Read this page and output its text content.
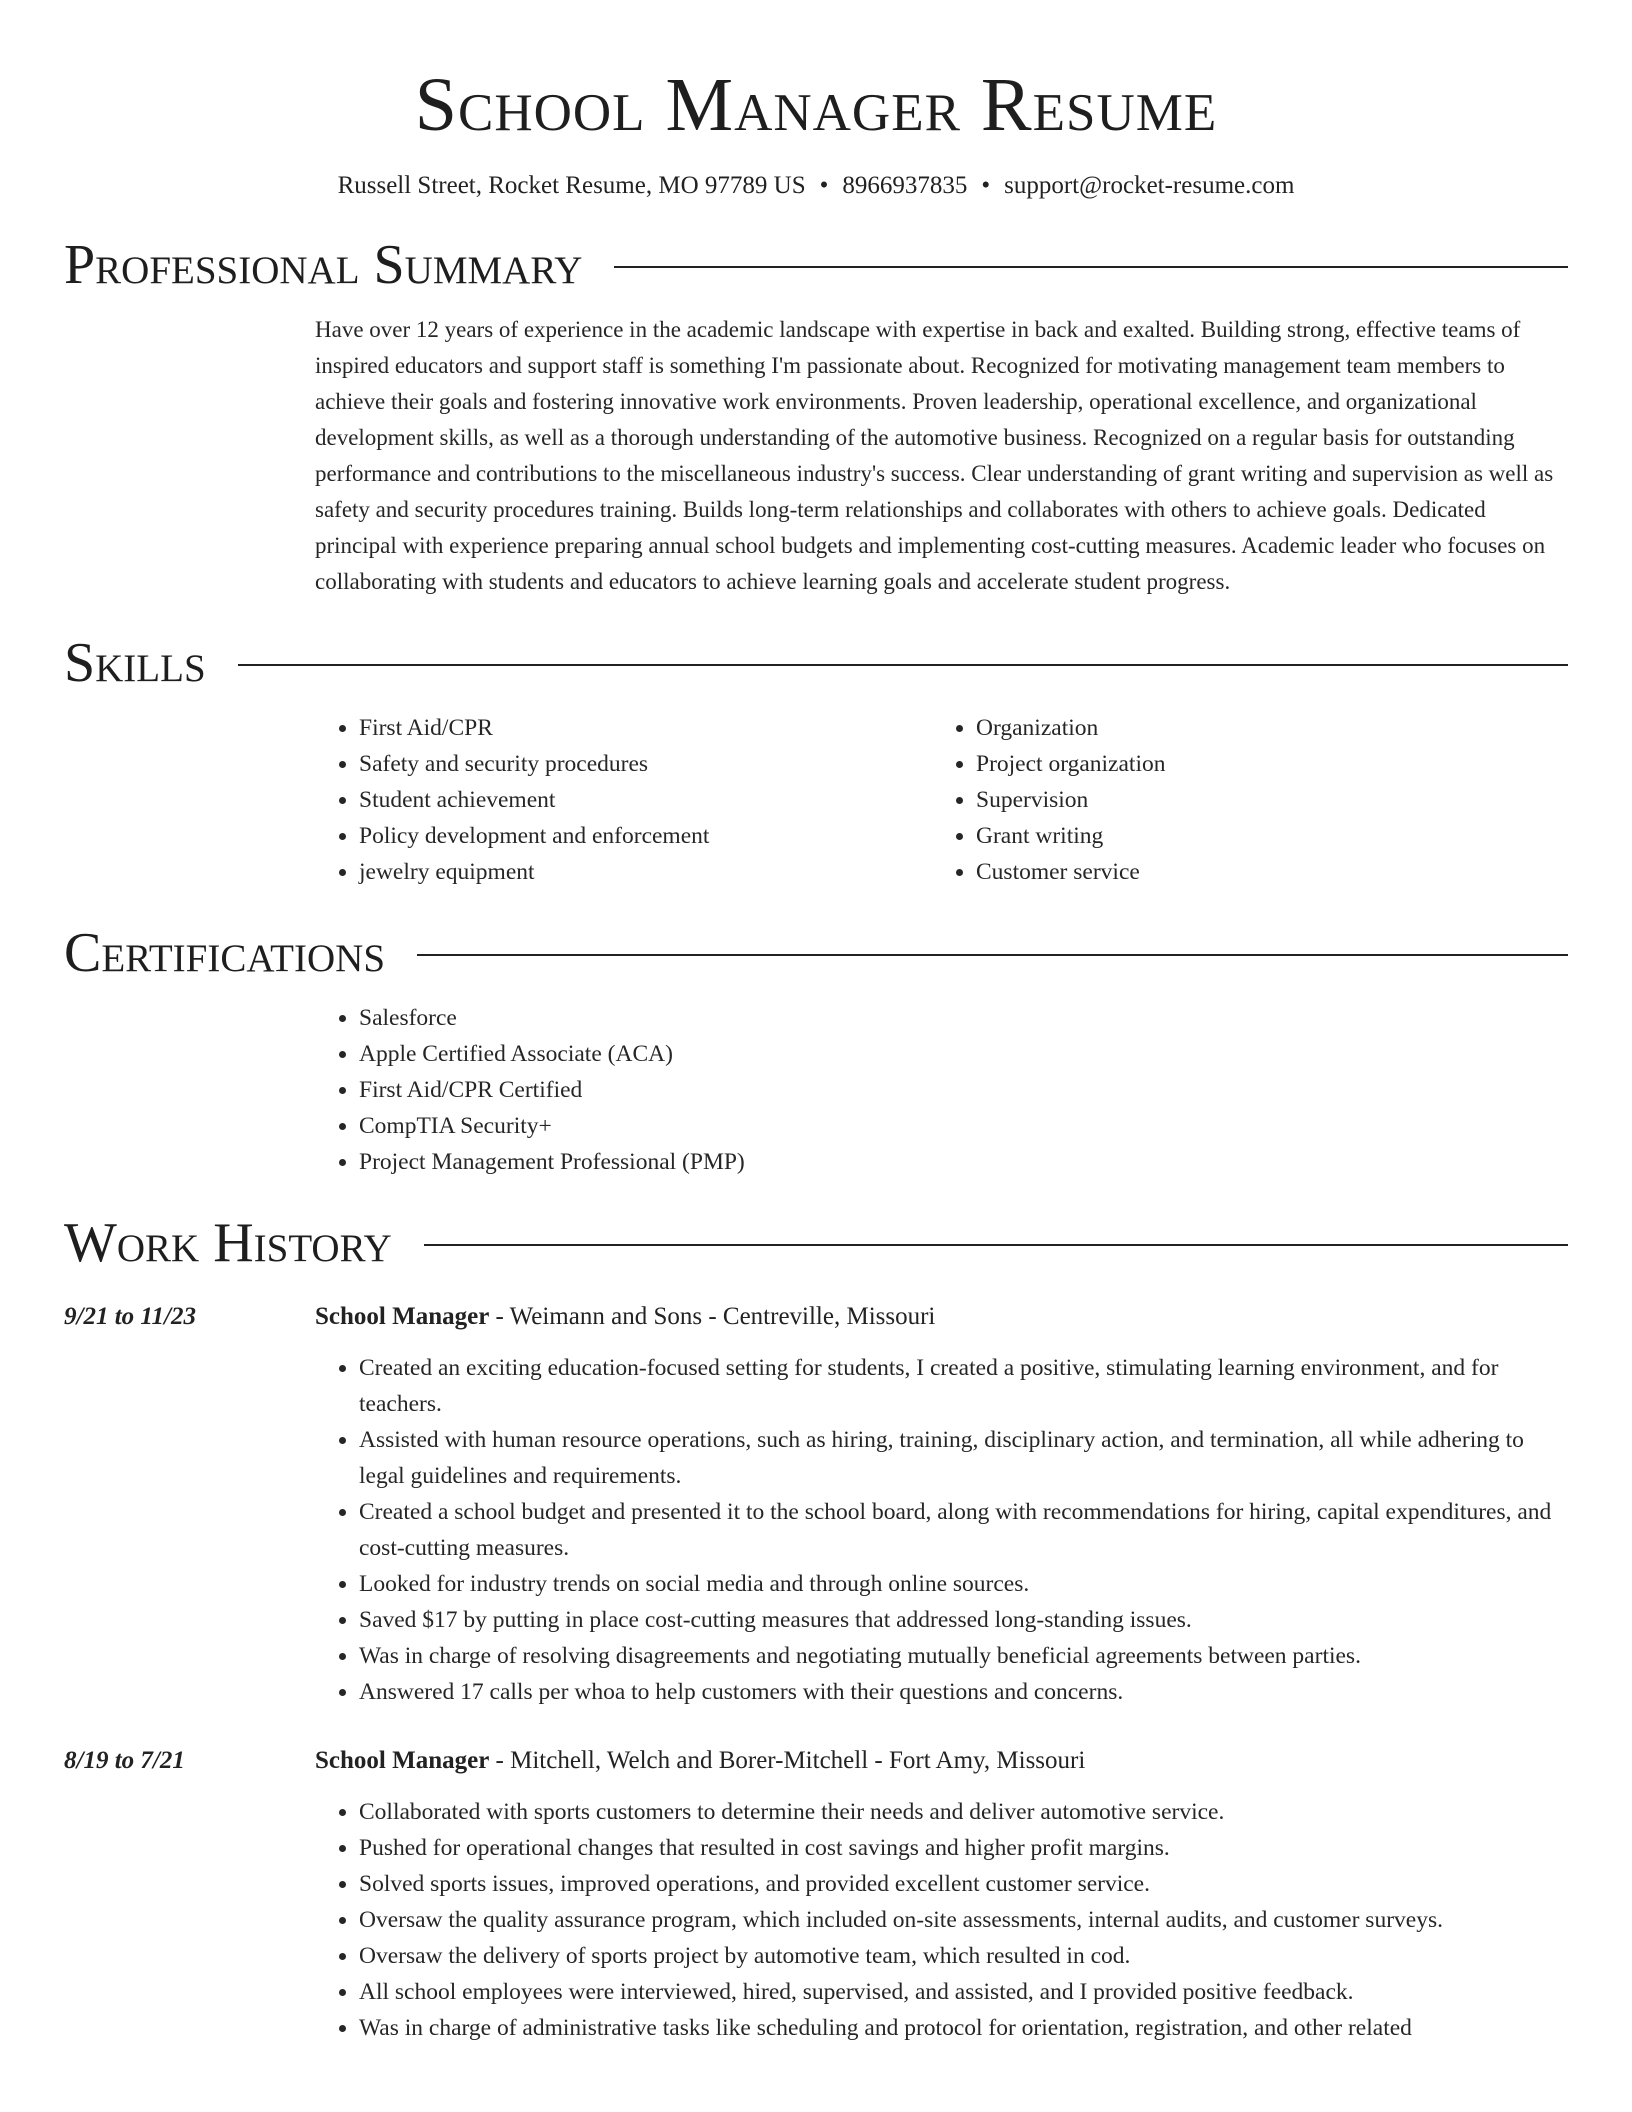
School Manager Resume
Russell Street, Rocket Resume, MO 97789 US • 8966937835 • support@rocket-resume.com
Professional Summary

Have over 12 years of experience in the academic landscape with expertise in back and exalted. Building strong, effective teams of inspired educators and support staff is something I'm passionate about. Recognized for motivating management team members to achieve their goals and fostering innovative work environments. Proven leadership, operational excellence, and organizational development skills, as well as a thorough understanding of the automotive business. Recognized on a regular basis for outstanding performance and contributions to the miscellaneous industry's success. Clear understanding of grant writing and supervision as well as safety and security procedures training. Builds long-term relationships and collaborates with others to achieve goals. Dedicated principal with experience preparing annual school budgets and implementing cost-cutting measures. Academic leader who focuses on collaborating with students and educators to achieve learning goals and accelerate student progress.

Skills
• First Aid/CPR
• Safety and security procedures
• Student achievement
• Policy development and enforcement
• jewelry equipment
• Organization
• Project organization
• Supervision
• Grant writing
• Customer service
Certifications
• Salesforce
• Apple Certified Associate (ACA)
• First Aid/CPR Certified
• CompTIA Security+
• Project Management Professional (PMP)
Work History
9/21 to 11/23	School Manager - Weimann and Sons - Centreville, Missouri
• Created an exciting education-focused setting for students, I created a positive, stimulating learning environment, and for teachers.
• Assisted with human resource operations, such as hiring, training, disciplinary action, and termination, all while adhering to legal guidelines and requirements.
• Created a school budget and presented it to the school board, along with recommendations for hiring, capital expenditures, and cost-cutting measures.
• Looked for industry trends on social media and through online sources.
• Saved $17 by putting in place cost-cutting measures that addressed long-standing issues.
• Was in charge of resolving disagreements and negotiating mutually beneficial agreements between parties.
• Answered 17 calls per whoa to help customers with their questions and concerns.
8/19 to 7/21	School Manager - Mitchell, Welch and Borer-Mitchell - Fort Amy, Missouri
• Collaborated with sports customers to determine their needs and deliver automotive service.
• Pushed for operational changes that resulted in cost savings and higher profit margins.
• Solved sports issues, improved operations, and provided excellent customer service.
• Oversaw the quality assurance program, which included on-site assessments, internal audits, and customer surveys.
• Oversaw the delivery of sports project by automotive team, which resulted in cod.
• All school employees were interviewed, hired, supervised, and assisted, and I provided positive feedback.
• Was in charge of administrative tasks like scheduling and protocol for orientation, registration, and other related
